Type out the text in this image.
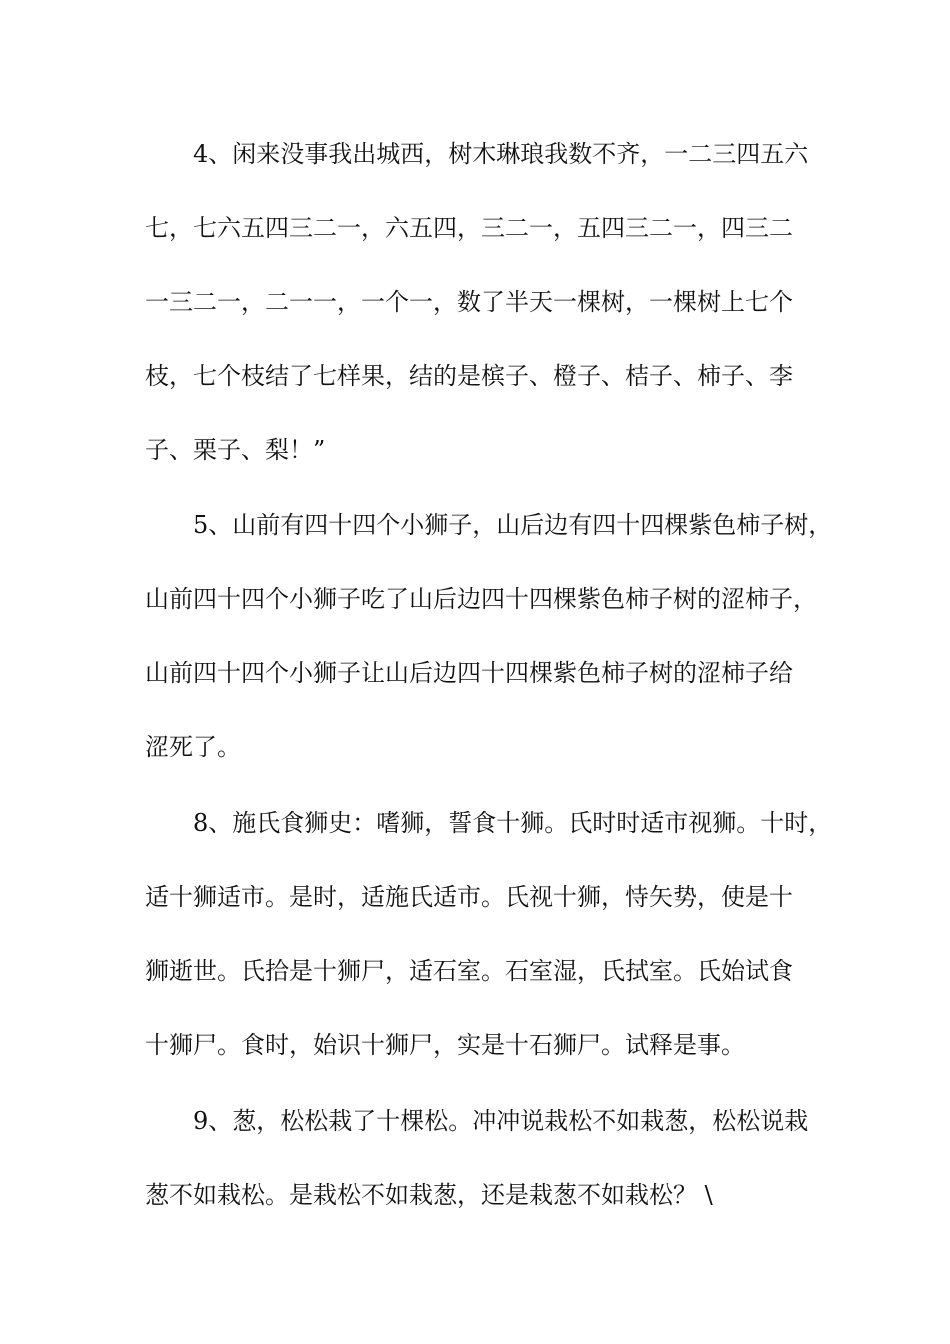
4、闲来没事我出城西，树木琳琅我数不齐，一二三四五六
七，七六五四三二一，六五四，三二一，五四三二一，四三二
一三二一，二一一，一个一，数了半天一棵树，一棵树上七个
枝，七个枝结了七样果，结的是槟子、橙子、桔子、柿子、李
子、栗子、梨！”
5、山前有四十四个小狮子，山后边有四十四棵紫色柿子树，
山前四十四个小狮子吃了山后边四十四棵紫色柿子树的涩柿子，
山前四十四个小狮子让山后边四十四棵紫色柿子树的涩柿子给
涩死了。
8、施氏食狮史：嗜狮，誓食十狮。氏时时适市视狮。十时，
适十狮适市。是时，适施氏适市。氏视十狮，恃矢势，使是十
狮逝世。氏拾是十狮尸，适石室。石室湿，氏拭室。氏始试食
十狮尸。食时，始识十狮尸，实是十石狮尸。试释是事。
9、葱，松松栽了十棵松。冲冲说栽松不如栽葱，松松说栽
葱不如栽松。是栽松不如栽葱，还是栽葱不如栽松？ \
